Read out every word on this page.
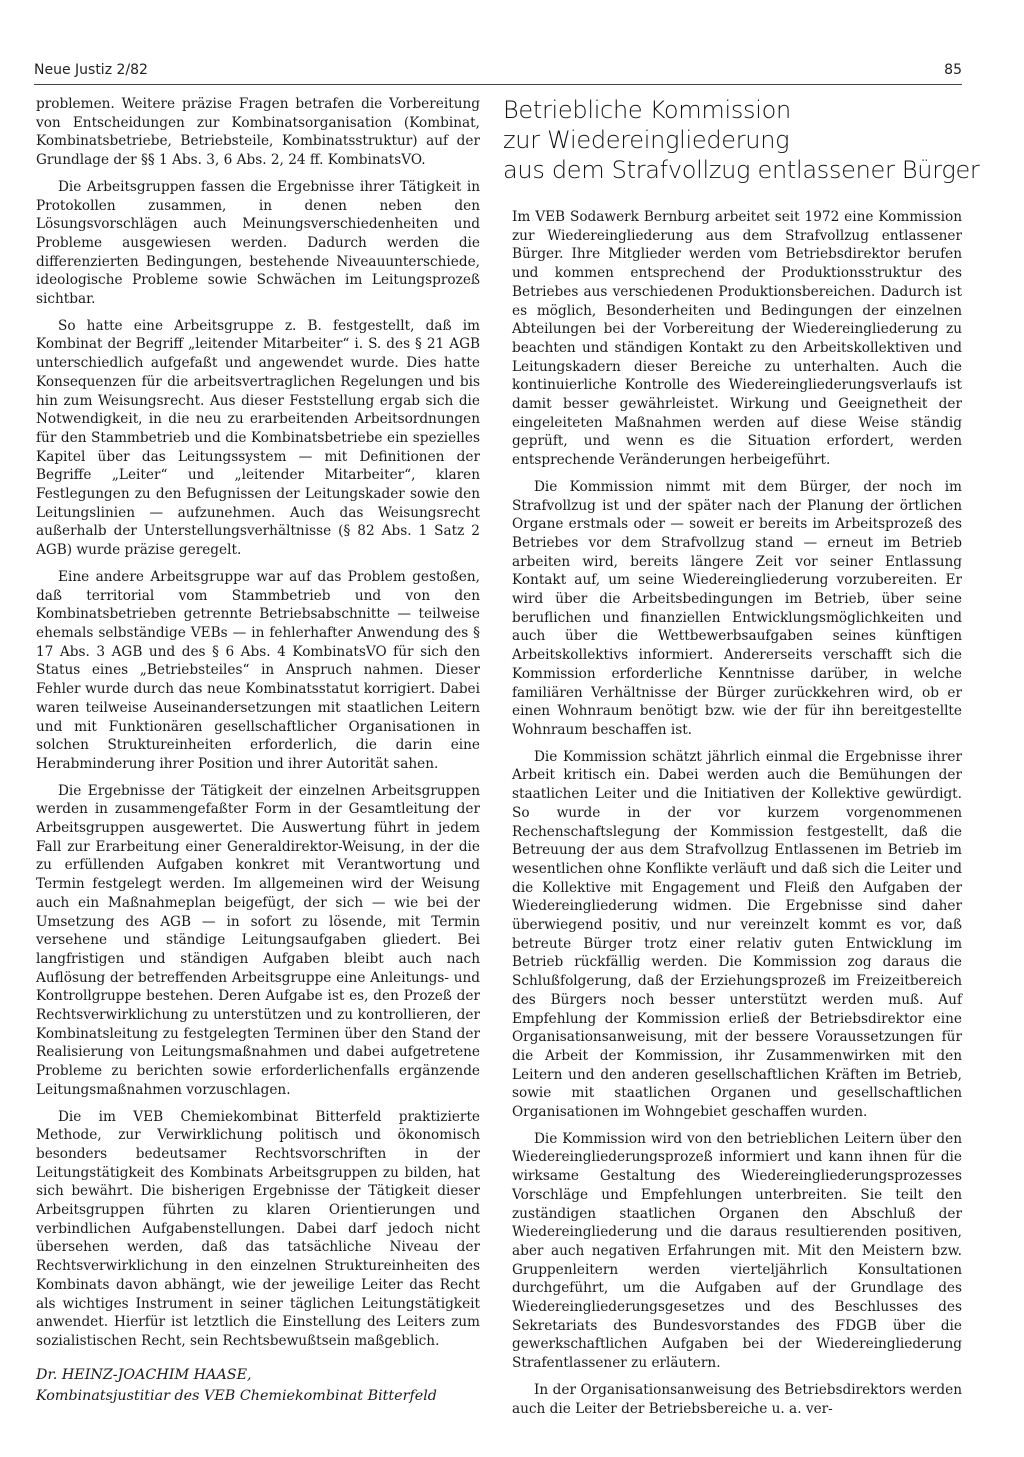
Neue Justiz 2/82	85

problemen. Weitere präzise Fragen betrafen die Vorbereitung von Entscheidungen zur Kombinatsorganisation (Kombinat, Kombinatsbetriebe, Betriebsteile, Kombinatsstruktur) auf der Grundlage der §§ 1 Abs. 3, 6 Abs. 2, 24 ff. KombinatsVO.

Die Arbeitsgruppen fassen die Ergebnisse ihrer Tätigkeit in Protokollen zusammen, in denen neben den Lösungsvorschlägen auch Meinungsverschiedenheiten und Probleme ausgewiesen werden. Dadurch werden die differenzierten Bedingungen, bestehende Niveauunterschiede, ideologische Probleme sowie Schwächen im Leitungsprozeß sichtbar.

So hatte eine Arbeitsgruppe z. B. festgestellt, daß im Kombinat der Begriff „leitender Mitarbeiter“ i. S. des § 21 AGB unterschiedlich aufgefaßt und angewendet wurde. Dies hatte Konsequenzen für die arbeitsvertraglichen Regelungen und bis hin zum Weisungsrecht. Aus dieser Feststellung ergab sich die Notwendigkeit, in die neu zu erarbeitenden Arbeitsordnungen für den Stammbetrieb und die Kombinatsbetriebe ein spezielles Kapitel über das Leitungssystem — mit Definitionen der Begriffe „Leiter“ und „leitender Mitarbeiter“, klaren Festlegungen zu den Befugnissen der Leitungskader sowie den Leitungslinien — aufzunehmen. Auch das Weisungsrecht außerhalb der Unterstellungsverhältnisse (§ 82 Abs. 1 Satz 2 AGB) wurde präzise geregelt.

Eine andere Arbeitsgruppe war auf das Problem gestoßen, daß territorial vom Stammbetrieb und von den Kombinatsbetrieben getrennte Betriebsabschnitte — teilweise ehemals selbständige VEBs — in fehlerhafter Anwendung des § 17 Abs. 3 AGB und des § 6 Abs. 4 KombinatsVO für sich den Status eines „Betriebsteiles“ in Anspruch nahmen. Dieser Fehler wurde durch das neue Kombinatsstatut korrigiert. Dabei waren teilweise Auseinandersetzungen mit staatlichen Leitern und mit Funktionären gesellschaftlicher Organisationen in solchen Struktureinheiten erforderlich, die darin eine Herabminderung ihrer Position und ihrer Autorität sahen.

Die Ergebnisse der Tätigkeit der einzelnen Arbeitsgruppen werden in zusammengefaßter Form in der Gesamtleitung der Arbeitsgruppen ausgewertet. Die Auswertung führt in jedem Fall zur Erarbeitung einer Generaldirektor-Weisung, in der die zu erfüllenden Aufgaben konkret mit Verantwortung und Termin festgelegt werden. Im allgemeinen wird der Weisung auch ein Maßnahmeplan beigefügt, der sich — wie bei der Umsetzung des AGB — in sofort zu lösende, mit Termin versehene und ständige Leitungsaufgaben gliedert. Bei langfristigen und ständigen Aufgaben bleibt auch nach Auflösung der betreffenden Arbeitsgruppe eine Anleitungs- und Kontrollgruppe bestehen. Deren Aufgabe ist es, den Prozeß der Rechtsverwirklichung zu unterstützen und zu kontrollieren, der Kombinatsleitung zu festgelegten Terminen über den Stand der Realisierung von Leitungsmaßnahmen und dabei aufgetretene Probleme zu berichten sowie erforderlichenfalls ergänzende Leitungsmaßnahmen vorzuschlagen.

Die im VEB Chemiekombinat Bitterfeld praktizierte Methode, zur Verwirklichung politisch und ökonomisch besonders bedeutsamer Rechtsvorschriften in der Leitungstätigkeit des Kombinats Arbeitsgruppen zu bilden, hat sich bewährt. Die bisherigen Ergebnisse der Tätigkeit dieser Arbeitsgruppen führten zu klaren Orientierungen und verbindlichen Aufgabenstellungen. Dabei darf jedoch nicht übersehen werden, daß das tatsächliche Niveau der Rechtsverwirklichung in den einzelnen Struktureinheiten des Kombinats davon abhängt, wie der jeweilige Leiter das Recht als wichtiges Instrument in seiner täglichen Leitungstätigkeit anwendet. Hierfür ist letztlich die Einstellung des Leiters zum sozialistischen Recht, sein Rechtsbewußtsein maßgeblich.

Dr. HEINZ-JOACHIM HAASE,
Kombinatsjustitiar des VEB Chemiekombinat Bitterfeld
Betriebliche Kommission
zur Wiedereingliederung
aus dem Strafvollzug entlassener Bürger

Im VEB Sodawerk Bernburg arbeitet seit 1972 eine Kommission zur Wiedereingliederung aus dem Strafvollzug entlassener Bürger. Ihre Mitglieder werden vom Betriebsdirektor berufen und kommen entsprechend der Produktionsstruktur des Betriebes aus verschiedenen Produktionsbereichen. Dadurch ist es möglich, Besonderheiten und Bedingungen der einzelnen Abteilungen bei der Vorbereitung der Wiedereingliederung zu beachten und ständigen Kontakt zu den Arbeitskollektiven und Leitungskadern dieser Bereiche zu unterhalten. Auch die kontinuierliche Kontrolle des Wiedereingliederungsverlaufs ist damit besser gewährleistet. Wirkung und Geeignetheit der eingeleiteten Maßnahmen werden auf diese Weise ständig geprüft, und wenn es die Situation erfordert, werden entsprechende Veränderungen herbeigeführt.

Die Kommission nimmt mit dem Bürger, der noch im Strafvollzug ist und der später nach der Planung der örtlichen Organe erstmals oder — soweit er bereits im Arbeitsprozeß des Betriebes vor dem Strafvollzug stand — erneut im Betrieb arbeiten wird, bereits längere Zeit vor seiner Entlassung Kontakt auf, um seine Wiedereingliederung vorzubereiten. Er wird über die Arbeitsbedingungen im Betrieb, über seine beruflichen und finanziellen Entwicklungsmöglichkeiten und auch über die Wettbewerbsaufgaben seines künftigen Arbeitskollektivs informiert. Andererseits verschafft sich die Kommission erforderliche Kenntnisse darüber, in welche familiären Verhältnisse der Bürger zurückkehren wird, ob er einen Wohnraum benötigt bzw. wie der für ihn bereitgestellte Wohnraum beschaffen ist.

Die Kommission schätzt jährlich einmal die Ergebnisse ihrer Arbeit kritisch ein. Dabei werden auch die Bemühungen der staatlichen Leiter und die Initiativen der Kollektive gewürdigt. So wurde in der vor kurzem vorgenommenen Rechenschaftslegung der Kommission festgestellt, daß die Betreuung der aus dem Strafvollzug Entlassenen im Betrieb im wesentlichen ohne Konflikte verläuft und daß sich die Leiter und die Kollektive mit Engagement und Fleiß den Aufgaben der Wiedereingliederung widmen. Die Ergebnisse sind daher überwiegend positiv, und nur vereinzelt kommt es vor, daß betreute Bürger trotz einer relativ guten Entwicklung im Betrieb rückfällig werden. Die Kommission zog daraus die Schlußfolgerung, daß der Erziehungsprozeß im Freizeitbereich des Bürgers noch besser unterstützt werden muß. Auf Empfehlung der Kommission erließ der Betriebsdirektor eine Organisationsanweisung, mit der bessere Voraussetzungen für die Arbeit der Kommission, ihr Zusammenwirken mit den Leitern und den anderen gesellschaftlichen Kräften im Betrieb, sowie mit staatlichen Organen und gesellschaftlichen Organisationen im Wohngebiet geschaffen wurden.

Die Kommission wird von den betrieblichen Leitern über den Wiedereingliederungsprozeß informiert und kann ihnen für die wirksame Gestaltung des Wiedereingliederungsprozesses Vorschläge und Empfehlungen unterbreiten. Sie teilt den zuständigen staatlichen Organen den Abschluß der Wiedereingliederung und die daraus resultierenden positiven, aber auch negativen Erfahrungen mit. Mit den Meistern bzw. Gruppenleitern werden vierteljährlich Konsultationen durchgeführt, um die Aufgaben auf der Grundlage des Wiedereingliederungsgesetzes und des Beschlusses des Sekretariats des Bundesvorstandes des FDGB über die gewerkschaftlichen Aufgaben bei der Wiedereingliederung Strafentlassener zu erläutern.

In der Organisationsanweisung des Betriebsdirektors werden auch die Leiter der Betriebsbereiche u. a. ver-
